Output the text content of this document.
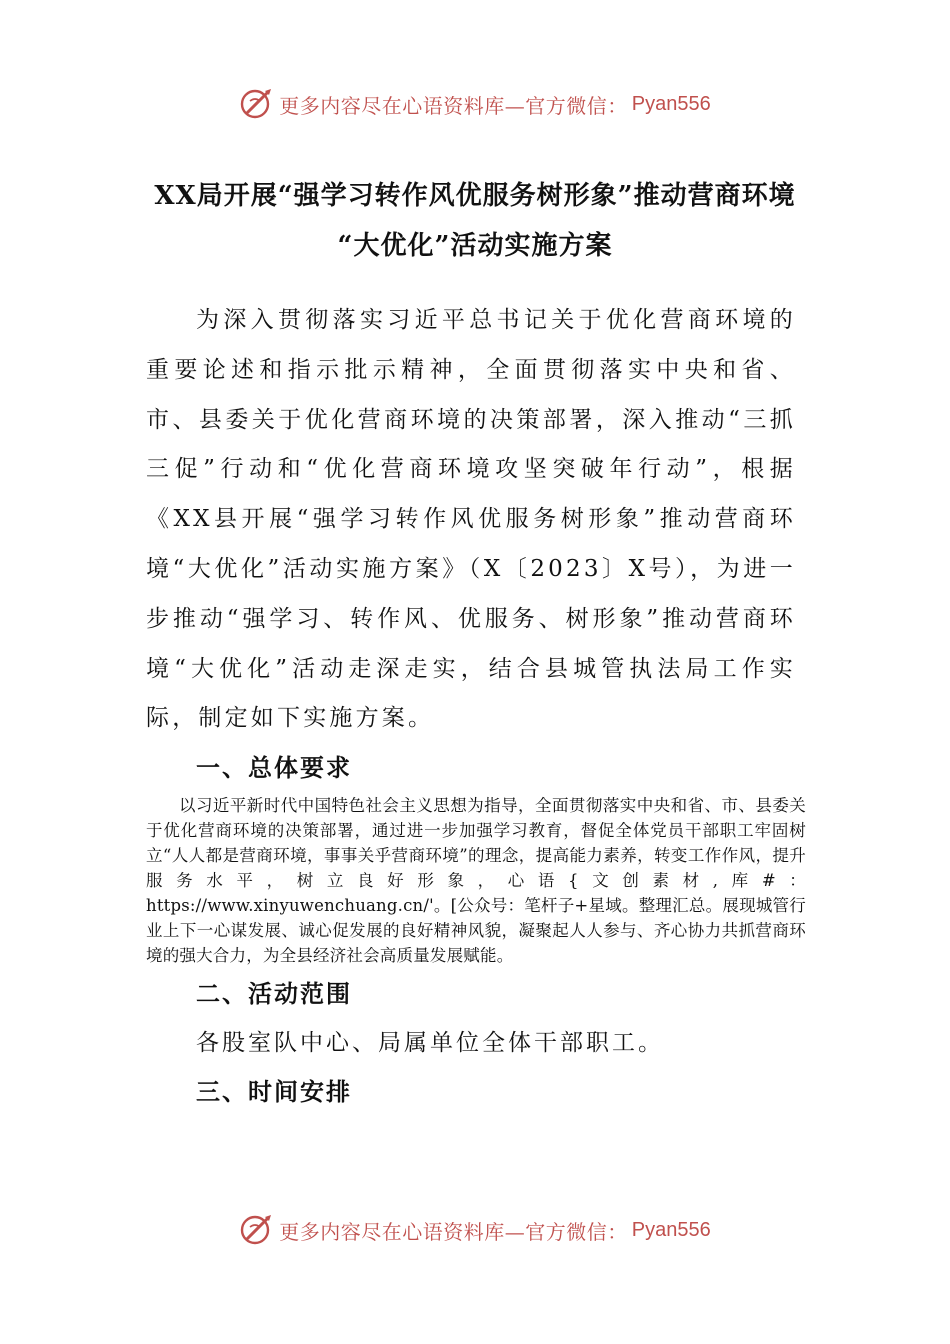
更多内容尽在心语资料库—官方微信： Pyan556
XX局开展“强学习转作风优服务树形象”推动营商环境
“大优化”活动实施方案

为深入贯彻落实习近平总书记关于优化营商环境的重要论述和指示批示精神，全面贯彻落实中央和省、市、县委关于优化营商环境的决策部署，深入推动“三抓三促”行动和“优化营商环境攻坚突破年行动”，根据《XX县开展“强学习转作风优服务树形象”推动营商环境“大优化”活动实施方案》（X〔2023〕X号），为进一步推动“强学习、转作风、优服务、树形象”推动营商环境“大优化”活动走深走实，结合县城管执法局工作实际，制定如下实施方案。

一、总体要求

以习近平新时代中国特色社会主义思想为指导，全面贯彻落实中央和省、市、县委关于优化营商环境的决策部署，通过进一步加强学习教育，督促全体党员干部职工牢固树立“人人都是营商环境，事事关乎营商环境”的理念，提高能力素养，转变工作作风，提升服务水平，树立良好形象，心语{文创素材,库#：https://www.xinyuwenchuang.cn/'。[公众号：笔杆子+星域。整理汇总。展现城管行业上下一心谋发展、诚心促发展的良好精神风貌，凝聚起人人参与、齐心协力共抓营商环境的强大合力，为全县经济社会高质量发展赋能。

二、活动范围

各股室队中心、局属单位全体干部职工。

三、时间安排
更多内容尽在心语资料库—官方微信： Pyan556
